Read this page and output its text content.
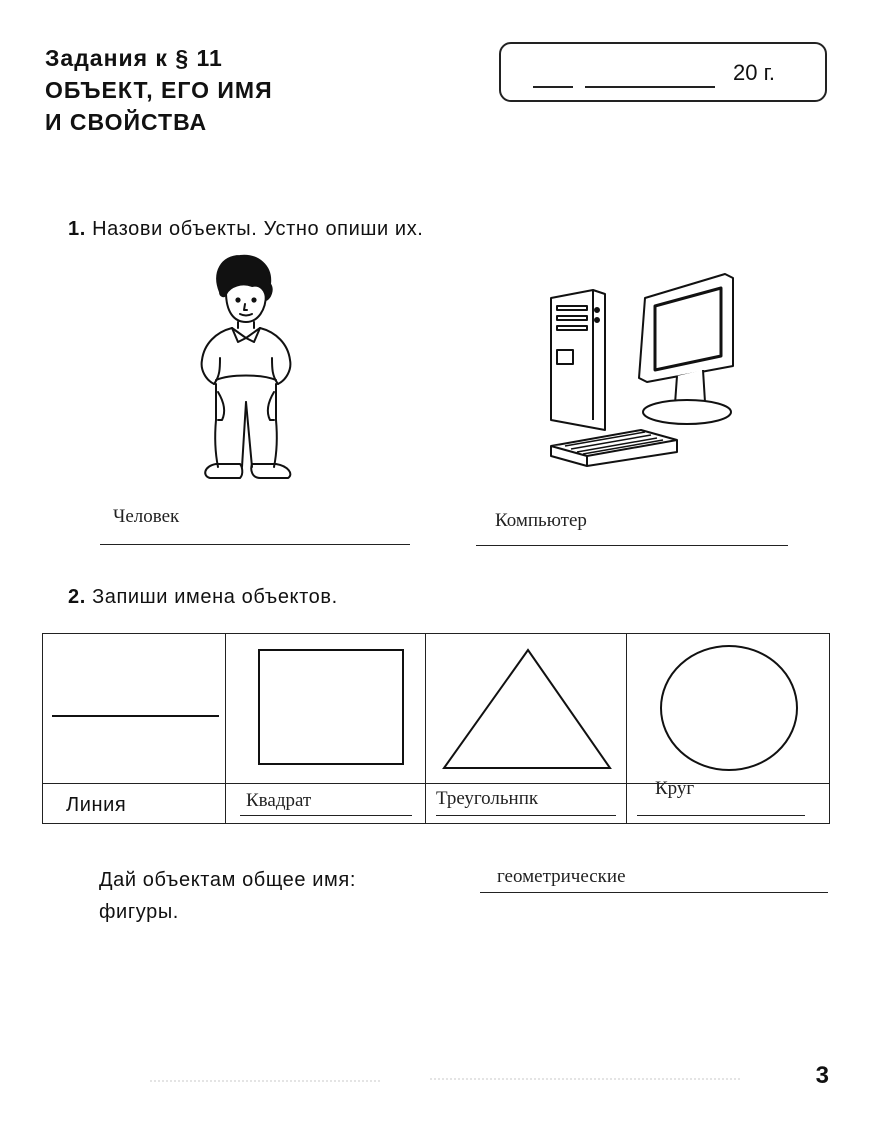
Задания к § 11
ОБЪЕКТ, ЕГО ИМЯ
И СВОЙСТВА
20 г.
1. Назови объекты. Устно опиши их.
Человек	Компьютер
2. Запиши имена объектов.

Линия	Квадрат	Треугольнпк	Круг
Дай объектам общее имя:	геометрические
фигуры.
3
